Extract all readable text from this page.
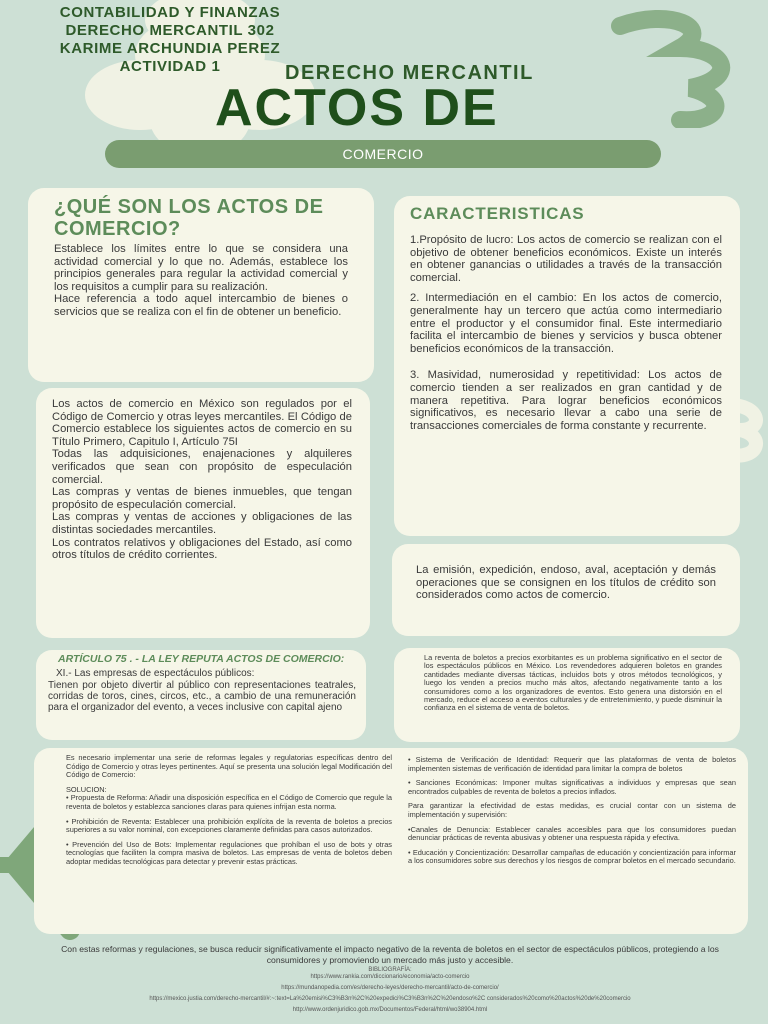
CONTABILIDAD Y FINANZAS
DERECHO MERCANTIL 302
KARIME ARCHUNDIA PEREZ
ACTIVIDAD 1	DERECHO MERCANTIL
ACTOS DE
COMERCIO
¿QUÉ SON LOS ACTOS DE COMERCIO?

Establece los límites entre lo que se considera una actividad comercial y lo que no. Además, establece los principios generales para regular la actividad comercial y los requisitos a cumplir para su realización.

Hace referencia a todo aquel intercambio de bienes o servicios que se realiza con el fin de obtener un beneficio.

CARACTERISTICAS
1.Propósito de lucro: Los actos de comercio se realizan con el objetivo de obtener beneficios económicos. Existe un interés en obtener ganancias o utilidades a través de la transacción comercial.
2. Intermediación en el cambio: En los actos de comercio, generalmente hay un tercero que actúa como intermediario entre el productor y el consumidor final. Este intermediario facilita el intercambio de bienes y servicios y busca obtener beneficios económicos de la transacción.
3. Masividad, numerosidad y repetitividad: Los actos de comercio tienden a ser realizados en gran cantidad y de manera repetitiva. Para lograr beneficios económicos significativos, es necesario llevar a cabo una serie de transacciones comerciales de forma constante y recurrente.

Los actos de comercio en México son regulados por el Código de Comercio y otras leyes mercantiles. El Código de Comercio establece los siguientes actos de comercio en su Título Primero, Capitulo I, Artículo 75I

Todas las adquisiciones, enajenaciones y alquileres verificados que sean con propósito de especulación comercial.

Las compras y ventas de bienes inmuebles, que tengan propósito de especulación comercial.

Las compras y ventas de acciones y obligaciones de las distintas sociedades mercantiles.

Los contratos relativos y obligaciones del Estado, así como otros títulos de crédito corrientes.

La emisión, expedición, endoso, aval, aceptación y demás operaciones que se consignen en los títulos de crédito son considerados como actos de comercio.
ARTÍCULO 75 . - LA LEY REPUTA ACTOS DE COMERCIO:
XI.- Las empresas de espectáculos públicos:
Tienen por objeto divertir al público con representaciones teatrales, corridas de toros, cines, circos, etc., a cambio de una remuneración para el organizador del evento, a veces inclusive con capital ajeno
La reventa de boletos a precios exorbitantes es un problema significativo en el sector de los espectáculos públicos en México. Los revendedores adquieren boletos en grandes cantidades mediante diversas tácticas, incluidos bots y otros métodos tecnológicos, y luego los venden a precios mucho más altos, afectando negativamente tanto a los consumidores como a los organizadores de eventos. Esto genera una distorsión en el mercado, reduce el acceso a eventos culturales y de entretenimiento, y puede disminuir la confianza en el sistema de venta de boletos.

Es necesario implementar una serie de reformas legales y regulatorias específicas dentro del Código de Comercio y otras leyes pertinentes. Aquí se presenta una solución legal Modificación del Código de Comercio:

SOLUCION:
• Propuesta de Reforma: Añadir una disposición específica en el Código de Comercio que regule la reventa de boletos y establezca sanciones claras para quienes infrijan esta norma.

• Prohibición de Reventa: Establecer una prohibición explícita de la reventa de boletos a precios superiores a su valor nominal, con excepciones claramente definidas para casos autorizados.

• Prevención del Uso de Bots: Implementar regulaciones que prohíban el uso de bots y otras tecnologías que faciliten la compra masiva de boletos. Las empresas de venta de boletos deben adoptar medidas tecnológicas para detectar y prevenir estas prácticas.

• Sistema de Verificación de Identidad: Requerir que las plataformas de venta de boletos implementen sistemas de verificación de identidad para limitar la compra de boletos

• Sanciones Económicas: Imponer multas significativas a individuos y empresas que sean encontrados culpables de reventa de boletos a precios inflados.

Para garantizar la efectividad de estas medidas, es crucial contar con un sistema de implementación y supervisión:

•Canales de Denuncia: Establecer canales accesibles para que los consumidores puedan denunciar prácticas de reventa abusivas y obtener una respuesta rápida y efectiva.

• Educación y Concientización: Desarrollar campañas de educación y concientización para informar a los consumidores sobre sus derechos y los riesgos de comprar boletos en el mercado secundario.

Con estas reformas y regulaciones, se busca reducir significativamente el impacto negativo de la reventa de boletos en el sector de espectáculos públicos, protegiendo a los consumidores y promoviendo un mercado más justo y accesible.
BIBLIOGRAFÍA:
https://www.rankia.com/diccionario/economia/acto-comercio
https://mundanopedia.com/es/derecho-leyes/derecho-mercantil/acto-de-comercio/
https://mexico.justia.com/derecho-mercantil/#:~:text=La%20emisi%C3%B3n%2C%20expedici%C3%B3n%2C%20endoso%2C considerados%20como%20actos%20de%20comercio
http://www.ordenjuridico.gob.mx/Documentos/Federal/html/wo38904.html
